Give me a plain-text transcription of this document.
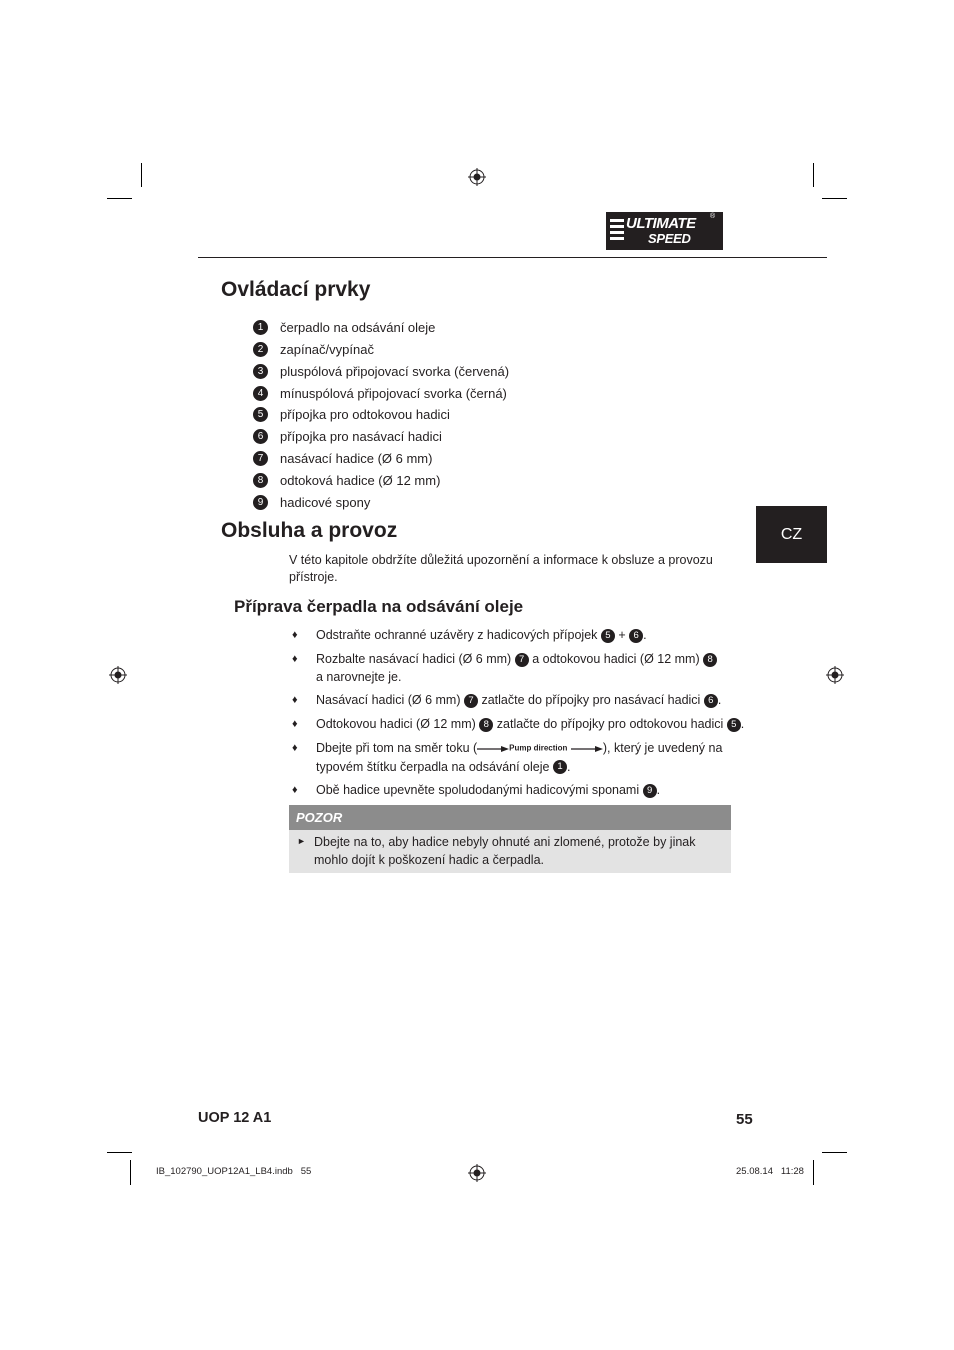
ULTIMATE
SPEED
®
Ovládací prvky
1	čerpadlo na odsávání oleje
2	zapínač/vypínač
3	pluspólová připojovací svorka (červená)
4	mínuspólová připojovací svorka (černá)
5	přípojka pro odtokovou hadici
6	přípojka pro nasávací hadici
7	nasávací hadice (Ø 6 mm)
8	odtoková hadice (Ø 12 mm)
9	hadicové spony
CZ
Obsluha a provoz
V této kapitole obdržíte důležitá upozornění a informace k obsluze a provozu přístroje.
Příprava čerpadla na odsávání oleje
♦ Odstraňte ochranné uzávěry z hadicových přípojek 5 + 6 .
♦ Rozbalte nasávací hadici (Ø 6 mm) 7 a odtokovou hadici (Ø 12 mm) 8
a narovnejte je.
♦ Nasávací hadici (Ø 6 mm) 7 zatlačte do přípojky pro nasávací hadici 6 .
♦ Odtokovou hadici (Ø 12 mm) 8 zatlačte do přípojky pro odtokovou hadici 5 .
♦ Dbejte při tom na směr toku (	Pump direction	), který je uvedený na typovém štítku čerpadla na odsávání oleje 1 .
♦ Obě hadice upevněte spoludodanými hadicovými sponami 9 .
POZOR
► Dbejte na to, aby hadice nebyly ohnuté ani zlomené, protože by jinak mohlo dojít k poškození hadic a čerpadla.
UOP 12 A1	55
IB_102790_UOP12A1_LB4.indb   55	25.08.14   11:28
